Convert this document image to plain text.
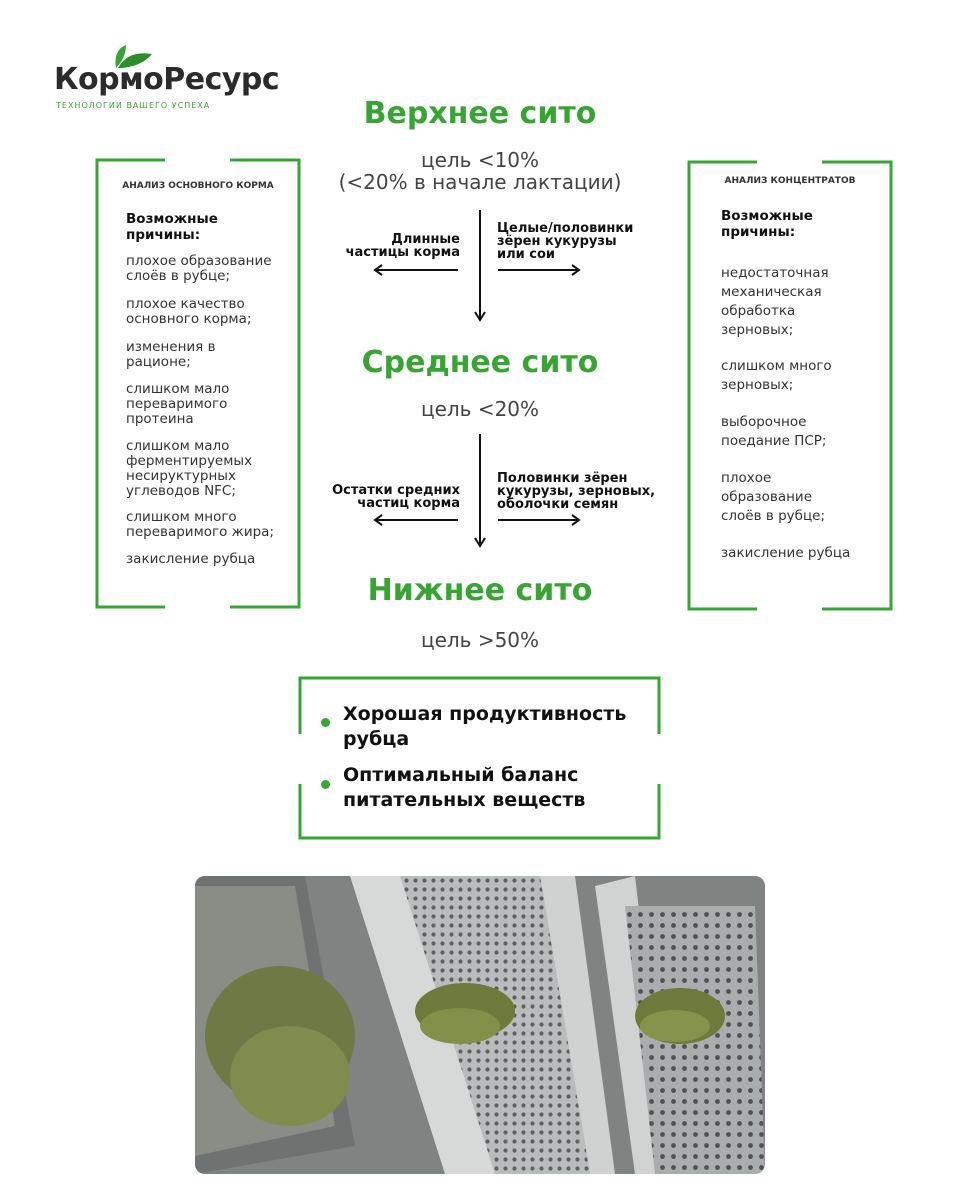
КормоРесурс
ТЕХНОЛОГИИ ВАШЕГО УСПЕХА	Верхнее сито
цель <10%
(<20% в начале лактации)
Среднее сито
цель <20%
Нижнее сито
цель >50%
Длинные
частицы корма
Целые/половинки
зёрен кукурузы
или сои
Остатки средних
частиц корма
Половинки зёрен
кукурузы, зерновых,
оболочки семян
АНАЛИЗ ОСНОВНОГО КОРМА
Возможные
причины:
плохое образование
слоёв в рубце;
плохое качество
основного корма;
изменения в
рационе;
слишком мало
переваримого
протеина
слишком мало
ферментируемых
несируктурных
углеводов NFC;
слишком много
переваримого жира;
закисление рубца
АНАЛИЗ КОНЦЕНТРАТОВ
Возможные
причины:
недостаточная
механическая
обработка
зерновых;
слишком много
зерновых;
выборочное
поедание ПСР;
плохое
образование
слоёв в рубце;
закисление рубца
Хорошая продуктивность
рубца
Оптимальный баланс
питательных веществ
